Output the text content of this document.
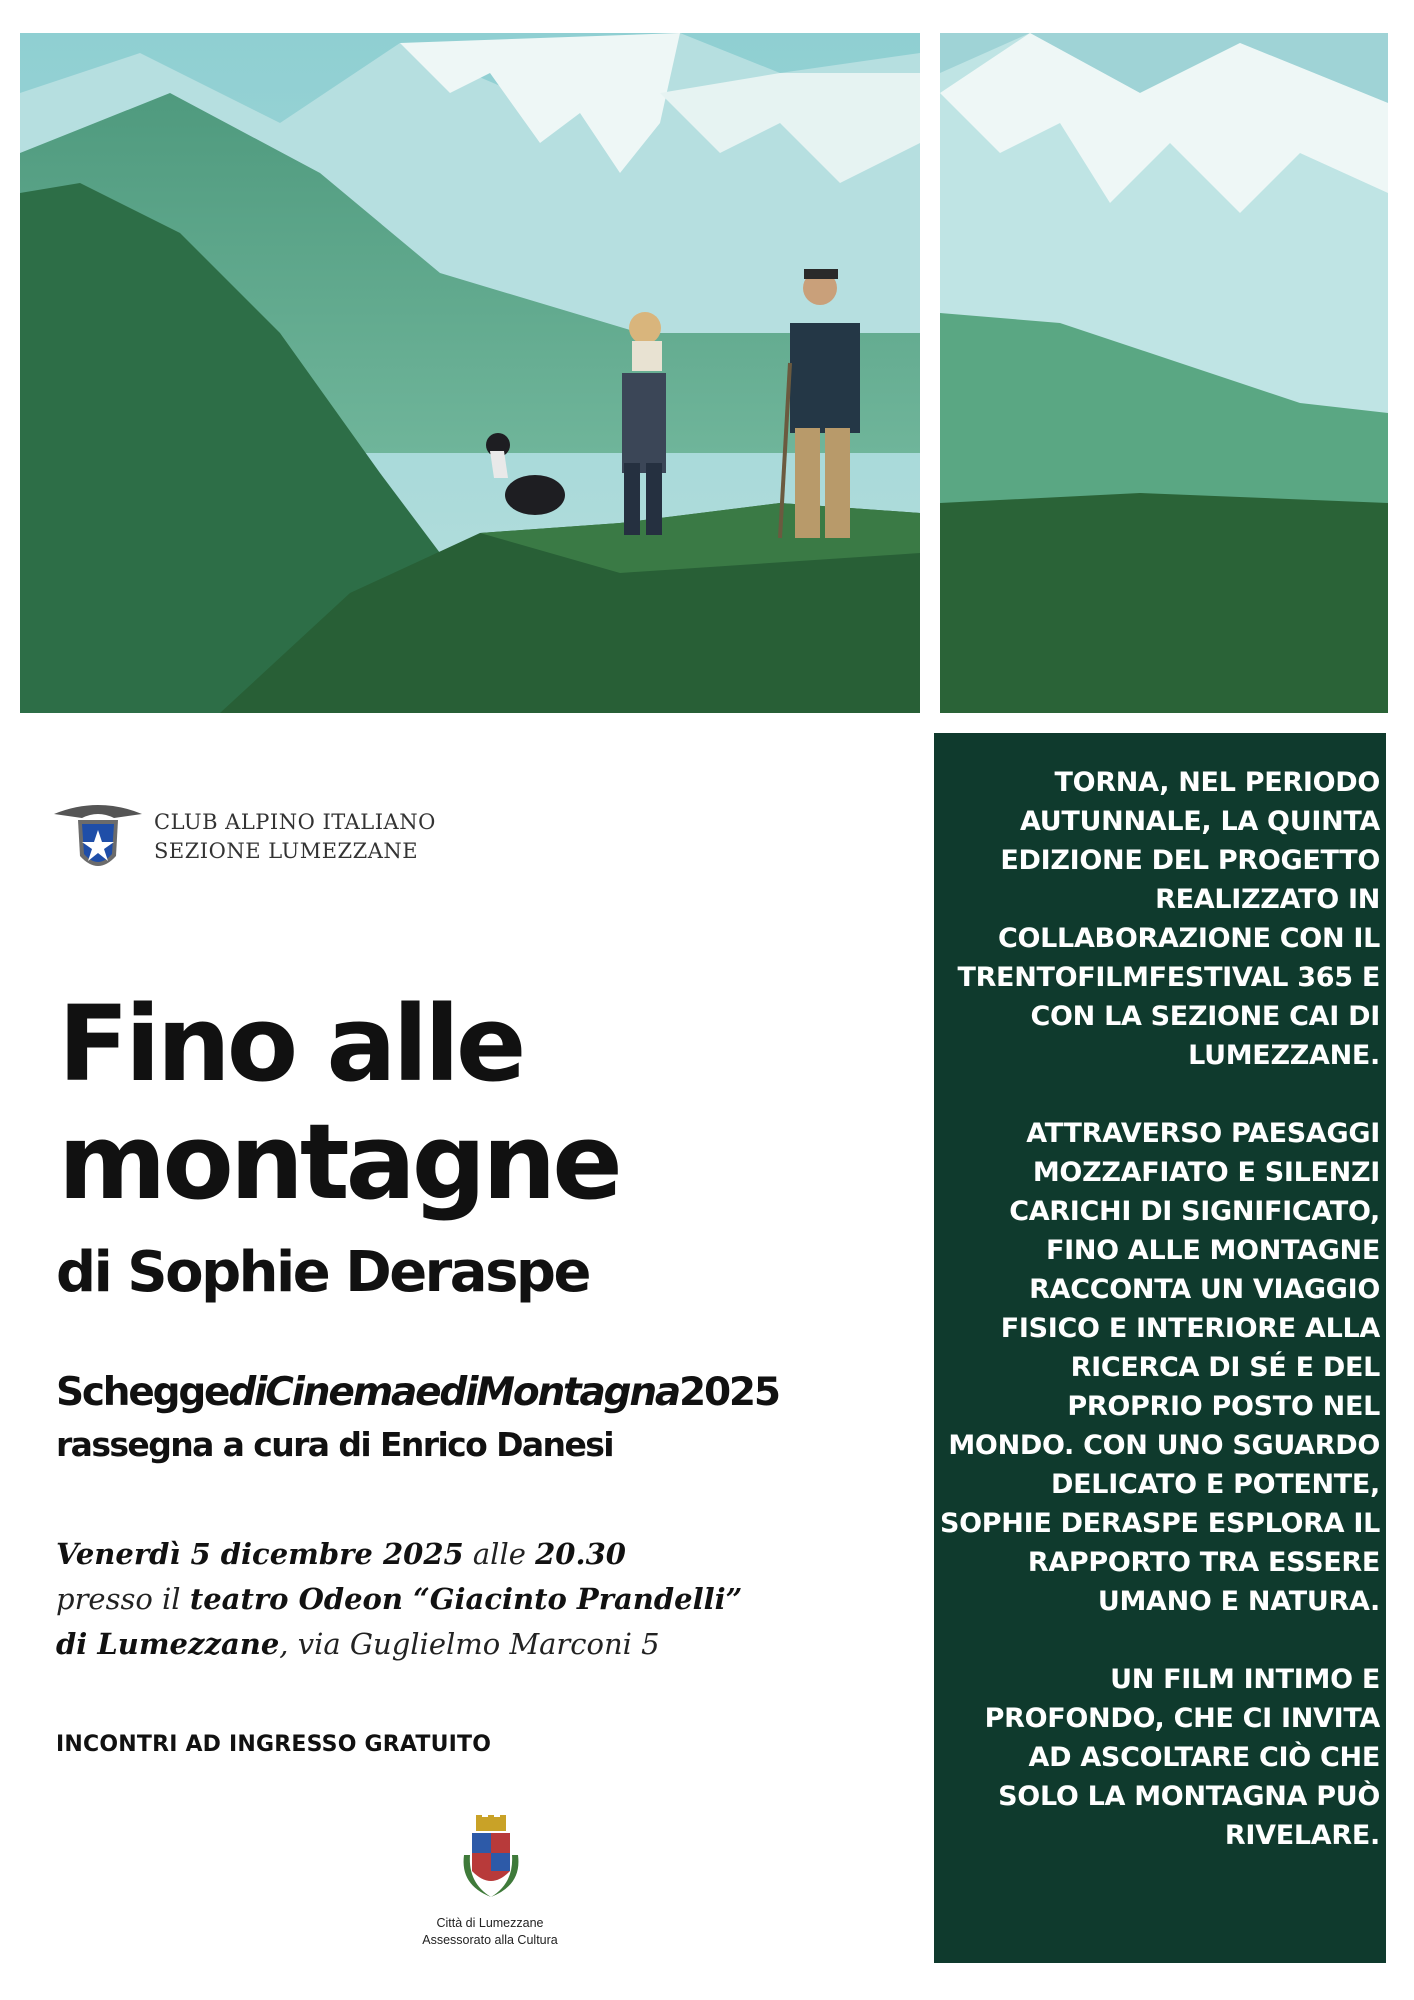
CLUB ALPINO ITALIANO
SEZIONE LUMEZZANE
Fino alle
montagne
di Sophie Deraspe
ScheggediCinemaediMontagna2025
rassegna a cura di Enrico Danesi
Venerdì 5 dicembre 2025 alle 20.30
presso il teatro Odeon “Giacinto Prandelli”
di Lumezzane, via Guglielmo Marconi 5
INCONTRI AD INGRESSO GRATUITO
Città di Lumezzane
Assessorato alla Cultura

TORNA, NEL PERIODO AUTUNNALE, LA QUINTA EDIZIONE DEL PROGETTO REALIZZATO IN COLLABORAZIONE CON IL TRENTOFILMFESTIVAL 365 E CON LA SEZIONE CAI DI LUMEZZANE.

ATTRAVERSO PAESAGGI MOZZAFIATO E SILENZI CARICHI DI SIGNIFICATO, FINO ALLE MONTAGNE RACCONTA UN VIAGGIO FISICO E INTERIORE ALLA RICERCA DI SÉ E DEL PROPRIO POSTO NEL MONDO. CON UNO SGUARDO DELICATO E POTENTE, SOPHIE DERASPE ESPLORA IL RAPPORTO TRA ESSERE UMANO E NATURA.

UN FILM INTIMO E PROFONDO, CHE CI INVITA AD ASCOLTARE CIÒ CHE SOLO LA MONTAGNA PUÒ RIVELARE.
